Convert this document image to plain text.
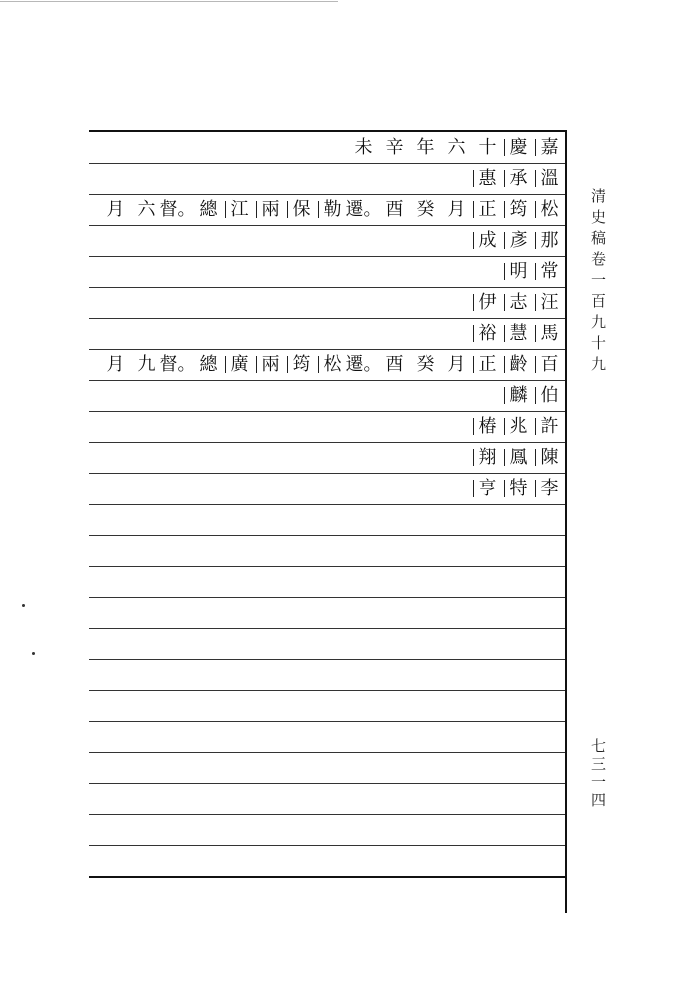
嘉
慶
十
六
年
辛
未
溫
承
惠
松
筠
正
月
癸
酉
遷。
勒
保
兩
江
總
督。
六
月
那
彥
成
常
明
汪
志
伊
馬
慧
裕
百
齡
正
月
癸
酉
遷。
松
筠
兩
廣
總
督。
九
月
伯
麟
許
兆
椿
陳
鳳
翔
李
特
亨
清史稿卷一百九十九
七三一四
